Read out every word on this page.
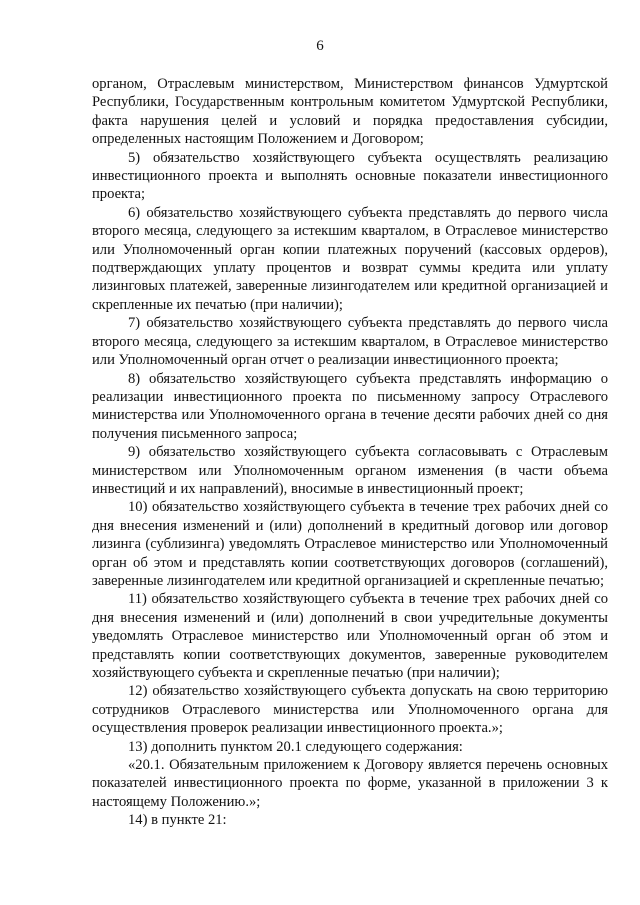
6

органом, Отраслевым министерством, Министерством финансов Удмуртской Республики, Государственным контрольным комитетом Удмуртской Республики, факта нарушения целей и условий и порядка предоставления субсидии, определенных настоящим Положением и Договором;

5) обязательство хозяйствующего субъекта осуществлять реализацию инвестиционного проекта и выполнять основные показатели инвестиционного проекта;

6) обязательство хозяйствующего субъекта представлять до первого числа второго месяца, следующего за истекшим кварталом, в Отраслевое министерство или Уполномоченный орган копии платежных поручений (кассовых ордеров), подтверждающих уплату процентов и возврат суммы кредита или уплату лизинговых платежей, заверенные лизингодателем или кредитной организацией и скрепленные их печатью (при наличии);

7) обязательство хозяйствующего субъекта представлять до первого числа второго месяца, следующего за истекшим кварталом, в Отраслевое министерство или Уполномоченный орган отчет о реализации инвестиционного проекта;

8) обязательство хозяйствующего субъекта представлять информацию о реализации инвестиционного проекта по письменному запросу Отраслевого министерства или Уполномоченного органа в течение десяти рабочих дней со дня получения письменного запроса;

9) обязательство хозяйствующего субъекта согласовывать с Отраслевым министерством или Уполномоченным органом изменения (в части объема инвестиций и их направлений), вносимые в инвестиционный проект;

10) обязательство хозяйствующего субъекта в течение трех рабочих дней со дня внесения изменений и (или) дополнений в кредитный договор или договор лизинга (сублизинга) уведомлять Отраслевое министерство или Уполномоченный орган об этом и представлять копии соответствующих договоров (соглашений), заверенные лизингодателем или кредитной организацией и скрепленные печатью;

11) обязательство хозяйствующего субъекта в течение трех рабочих дней со дня внесения изменений и (или) дополнений в свои учредительные документы уведомлять Отраслевое министерство или Уполномоченный орган об этом и представлять копии соответствующих документов, заверенные руководителем хозяйствующего субъекта и скрепленные печатью (при наличии);

12) обязательство хозяйствующего субъекта допускать на свою территорию сотрудников Отраслевого министерства или Уполномоченного органа для осуществления проверок реализации инвестиционного проекта.»;

13) дополнить пунктом 20.1 следующего содержания:

«20.1. Обязательным приложением к Договору является перечень основных показателей инвестиционного проекта по форме, указанной в приложении 3 к настоящему Положению.»;

14) в пункте 21:
